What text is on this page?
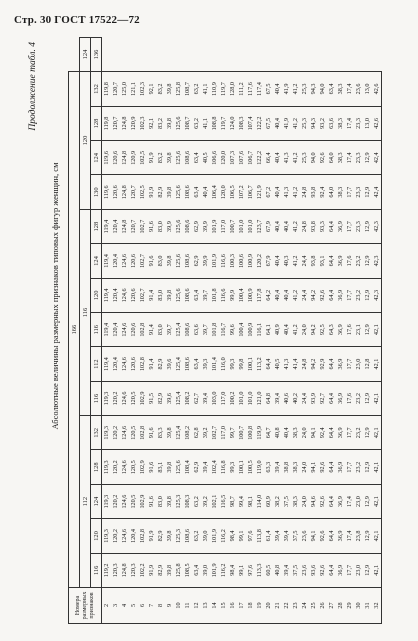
Стр. 30 ГОСТ 17522—72
Продолжение табл. 4
Абсолютные величины размерных признаков типовых фигур женщин, см
Номера размерных признаков	166															
	112					116						120				124
	116	120	124	128	132	116	112	116	120	124	128	130	124	128	132	136
2	119,2	119,3	119,3	119,3	119,3	119,3	119,4	119,4	119,4	119,4	119,4	119,6	119,6	119,8	119,8	
3	120,3	120,2	120,2	120,2	120,2	120,2	120,4	120,4	120,4	120,4	120,4	120,6	120,6	120,7	120,7	
4	124,8	124,6	124,6	124,6	124,6	124,6	124,6	124,6	124,6	124,6	124,8	124,8	124,8	124,8	125,0	
5	120,3	120,4	120,5	120,5	120,5	120,5	120,6	120,6	120,6	120,6	120,7	120,7	120,9	120,9	121,1	
6	102,2	102,8	102,9	102,9	102,8	102,9	102,8	102,8	102,7	102,7	102,7	102,5	102,5	102,3	102,3	
7	91,9	91,9	91,6	91,6	91,6	91,5	91,4	91,4	91,4	91,6	91,6	91,9	91,9	92,1	92,1	
8	82,9	82,9	83,0	83,1	83,3	82,9	82,9	83,0	83,0	83,0	83,0	82,9	83,2	83,2	83,2	
9	39,8	39,8	39,8	39,8	39,8	39,6	39,6	39,7	39,8	39,8	39,9	39,8	39,8	39,8	39,8	
10	125,8	125,3	125,3	125,6	125,4	125,4	125,4	125,4	125,6	125,6	125,6	125,6	125,6	125,6	125,8	
11	108,5	108,6	108,3	108,4	108,2	108,2	108,6	108,6	108,6	108,6	108,6	108,6	108,6	108,7	108,7	
12	63,4	63,2	63,2	62,9	62,8	62,7	63,4	63,6	63,4	62,9	62,9	63,4	63,4	63,2	63,2	
13	39,0	39,0	39,2	39,4	39,2	39,4	39,3	39,7	39,7	39,9	39,9	40,4	40,5	41,1	41,1	
14	101,9	101,9	102,1	102,4	102,7	103,0	101,4	101,8	101,8	101,9	101,9	106,4	106,6	108,8	110,9	
15	116,2	116,2	116,5	116,8	117,0	117,0	116,0	116,7	116,6	116,6	117,0	120,0	120,0	119,7	119,7	
16	98,4	98,4	98,7	99,3	99,7	100,2	99,3	99,6	99,9	100,3	100,7	106,5	107,3	124,0	128,0	
17	99,1	99,1	99,4	100,1	100,7	101,0	99,8	100,4	100,4	100,6	101,0	107,2	107,6	108,3	111,2	
18	97,6	97,6	98,1	100,5	100,8	101,0	100,1	100,9	100,9	100,9	101,0	106,7	106,7	107,4	117,6	
19	113,3	113,8	114,0	119,0	119,9	121,0	113,2	116,1	117,8	120,2	123,7	121,9	122,2	122,2	117,4	
20	60,5	61,4	60,9	63,3	64,7	64,8	64,4	64,1	64,2	67,9	67,9	67,2	66,4	67,5	67,5	
21	40,8	39,4	38,2	39,4	40,8	39,4	40,5	40,9	40,4	40,4	40,4	40,4	40,4	40,4	40,4	
22	39,4	39,4	37,5	38,8	40,4	40,6	41,3	40,4	40,4	40,3	40,4	41,3	41,3	41,9	41,9	
23	37,5	37,5	38,3	38,3	38,3	40,2	41,4	41,2	41,2	41,2	41,2	41,2	41,2	41,2	41,2	
24	23,6	23,6	24,0	24,0	24,0	24,4	24,8	24,0	24,4	24,4	24,8	24,8	25,3	25,3	25,3	
25	93,6	94,1	94,6	94,1	94,1	93,9	94,2	94,2	94,2	93,8	93,8	93,8	94,0	94,3	94,3	
26	92,6	92,6	92,6	92,6	92,4	92,7	92,9	92,5	92,6	93,1	93,3	92,4	92,6	93,2	94,0	
27	64,4	64,4	64,4	64,4	64,4	64,4	64,4	64,3	64,4	64,4	64,4	64,0	64,0	63,6	63,4	
28	36,9	36,9	36,9	36,9	36,9	36,9	36,9	36,9	36,9	36,9	36,9	38,3	38,3	38,3	38,3	
29	17,7	17,4	17,4	17,7	17,7	17,6	17,7	17,6	17,7	17,6	17,7	17,7	17,4	17,4	17,4	
30	23,0	23,8	23,0	23,2	23,2	23,2	23,0	23,1	23,2	23,2	23,3	23,3	23,3	23,3	23,6	
31	12,9	12,9	12,9	12,9	12,9	12,9	12,8	12,9	12,9	12,9	12,9	12,9	12,9	13,0	13,0	
32	42,1	42,1	42,1	42,1	42,1	42,1	42,1	42,1	42,3	42,3	42,3	42,4	42,4	42,6	42,6	
